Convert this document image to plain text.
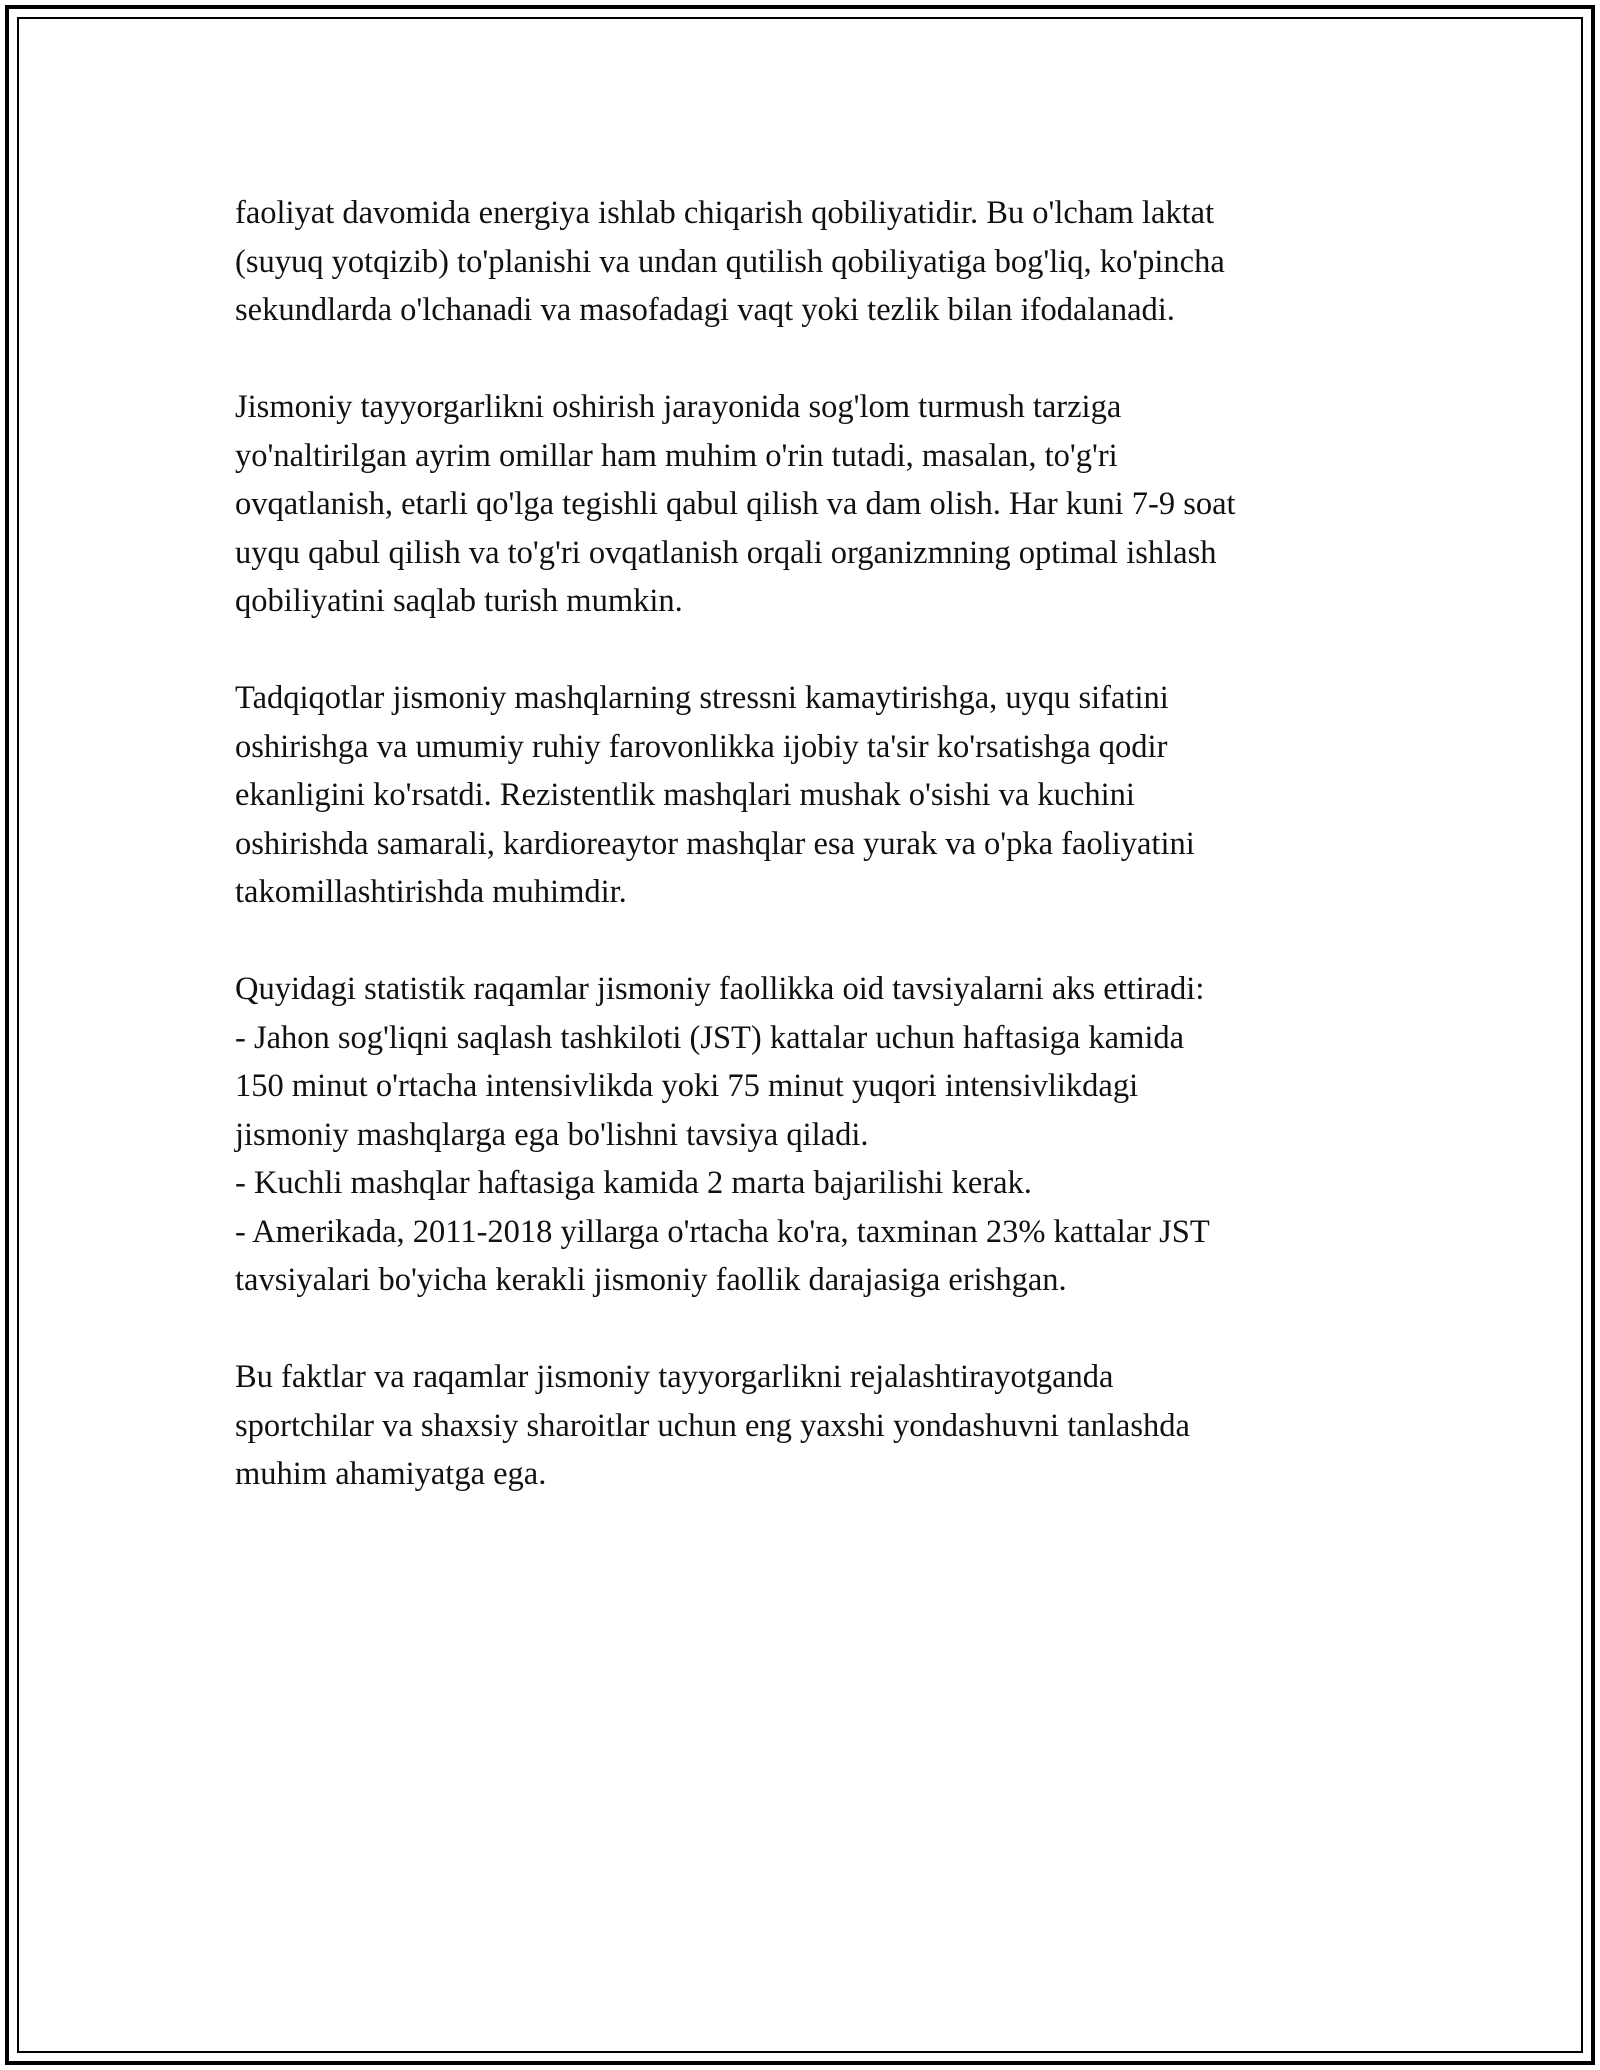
faoliyat davomida energiya ishlab chiqarish qobiliyatidir. Bu o'lcham laktat
(suyuq yotqizib) to'planishi va undan qutilish qobiliyatiga bog'liq, ko'pincha
sekundlarda o'lchanadi va masofadagi vaqt yoki tezlik bilan ifodalanadi.

Jismoniy tayyorgarlikni oshirish jarayonida sog'lom turmush tarziga
yo'naltirilgan ayrim omillar ham muhim o'rin tutadi, masalan, to'g'ri
ovqatlanish, etarli qo'lga tegishli qabul qilish va dam olish. Har kuni 7-9 soat
uyqu qabul qilish va to'g'ri ovqatlanish orqali organizmning optimal ishlash
qobiliyatini saqlab turish mumkin.

Tadqiqotlar jismoniy mashqlarning stressni kamaytirishga, uyqu sifatini
oshirishga va umumiy ruhiy farovonlikka ijobiy ta'sir ko'rsatishga qodir
ekanligini ko'rsatdi. Rezistentlik mashqlari mushak o'sishi va kuchini
oshirishda samarali, kardioreaytor mashqlar esa yurak va o'pka faoliyatini
takomillashtirishda muhimdir.

Quyidagi statistik raqamlar jismoniy faollikka oid tavsiyalarni aks ettiradi:
- Jahon sog'liqni saqlash tashkiloti (JST) kattalar uchun haftasiga kamida
150 minut o'rtacha intensivlikda yoki 75 minut yuqori intensivlikdagi
jismoniy mashqlarga ega bo'lishni tavsiya qiladi.
- Kuchli mashqlar haftasiga kamida 2 marta bajarilishi kerak.
- Amerikada, 2011-2018 yillarga o'rtacha ko'ra, taxminan 23% kattalar JST
tavsiyalari bo'yicha kerakli jismoniy faollik darajasiga erishgan.

Bu faktlar va raqamlar jismoniy tayyorgarlikni rejalashtirayotganda
sportchilar va shaxsiy sharoitlar uchun eng yaxshi yondashuvni tanlashda
muhim ahamiyatga ega.
